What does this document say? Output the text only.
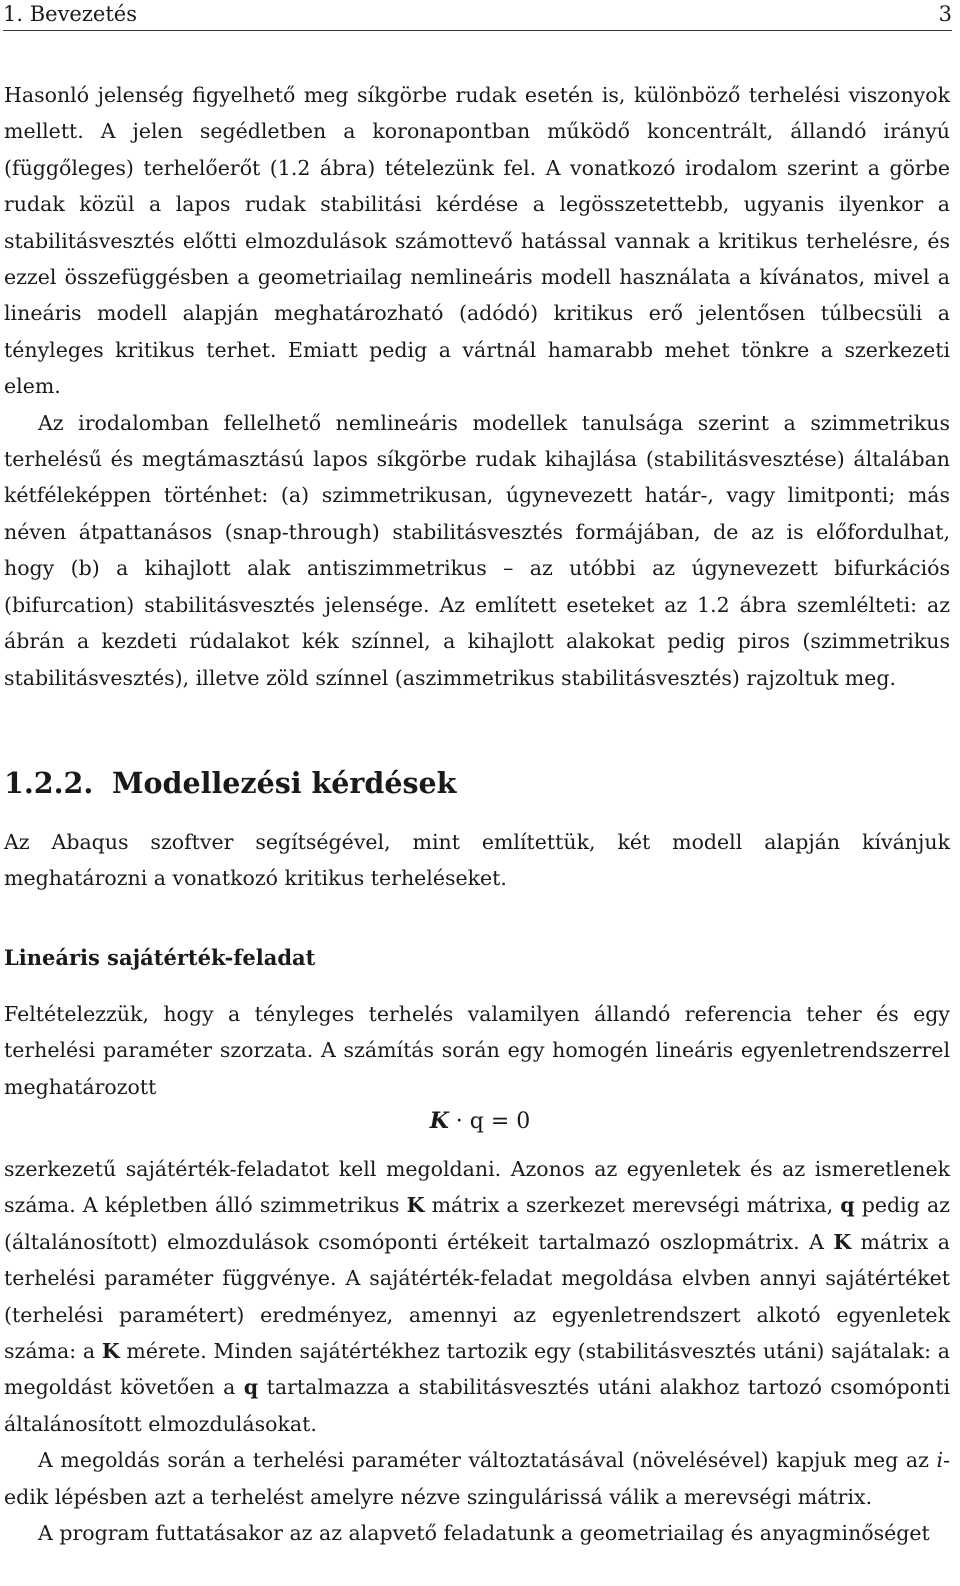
1. Bevezetés	3

Hasonló jelenség figyelhető meg síkgörbe rudak esetén is, különböző terhelési viszonyok mellett. A jelen segédletben a koronapontban működő koncentrált, állandó irányú (függőleges) terhelőerőt (1.2 ábra) tételezünk fel. A vonatkozó irodalom szerint a görbe rudak közül a lapos rudak stabilitási kérdése a legösszetettebb, ugyanis ilyenkor a stabilitásvesztés előtti elmozdulások számottevő hatással vannak a kritikus terhelésre, és ezzel összefüggésben a geometriailag nemlineáris modell használata a kívánatos, mivel a lineáris modell alapján meghatározható (adódó) kritikus erő jelentősen túlbecsüli a tényleges kritikus terhet. Emiatt pedig a vártnál hamarabb mehet tönkre a szerkezeti elem.

Az irodalomban fellelhető nemlineáris modellek tanulsága szerint a szimmetrikus terhelésű és megtámasztású lapos síkgörbe rudak kihajlása (stabilitásvesztése) általában kétféleképpen történhet: (a) szimmetrikusan, úgynevezett határ-, vagy limitponti; más néven átpattanásos (snap-through) stabilitásvesztés formájában, de az is előfordulhat, hogy (b) a kihajlott alak antiszimmetrikus – az utóbbi az úgynevezett bifurkációs (bifurcation) stabilitásvesztés jelensége. Az említett eseteket az 1.2 ábra szemlélteti: az ábrán a kezdeti rúdalakot kék színnel, a kihajlott alakokat pedig piros (szimmetrikus stabilitásvesztés), illetve zöld színnel (aszimmetrikus stabilitásvesztés) rajzoltuk meg.

1.2.2. Modellezési kérdések

Az Abaqus szoftver segítségével, mint említettük, két modell alapján kívánjuk meghatározni a vonatkozó kritikus terheléseket.

Lineáris sajátérték-feladat

Feltételezzük, hogy a tényleges terhelés valamilyen állandó referencia teher és egy terhelési paraméter szorzata. A számítás során egy homogén lineáris egyenletrendszerrel meghatározott

K · q = 0

szerkezetű sajátérték-feladatot kell megoldani. Azonos az egyenletek és az ismeretlenek száma. A képletben álló szimmetrikus K mátrix a szerkezet merevségi mátrixa, q pedig az (általánosított) elmozdulások csomóponti értékeit tartalmazó oszlopmátrix. A K mátrix a terhelési paraméter függvénye. A sajátérték-feladat megoldása elvben annyi sajátértéket (terhelési paramétert) eredményez, amennyi az egyenletrendszert alkotó egyenletek száma: a K mérete. Minden sajátértékhez tartozik egy (stabilitásvesztés utáni) sajátalak: a megoldást követően a q tartalmazza a stabilitásvesztés utáni alakhoz tartozó csomóponti általánosított elmozdulásokat.

A megoldás során a terhelési paraméter változtatásával (növelésével) kapjuk meg az i-edik lépésben azt a terhelést amelyre nézve szingulárissá válik a merevségi mátrix.

A program futtatásakor az az alapvető feladatunk a geometriailag és anyagminőséget
